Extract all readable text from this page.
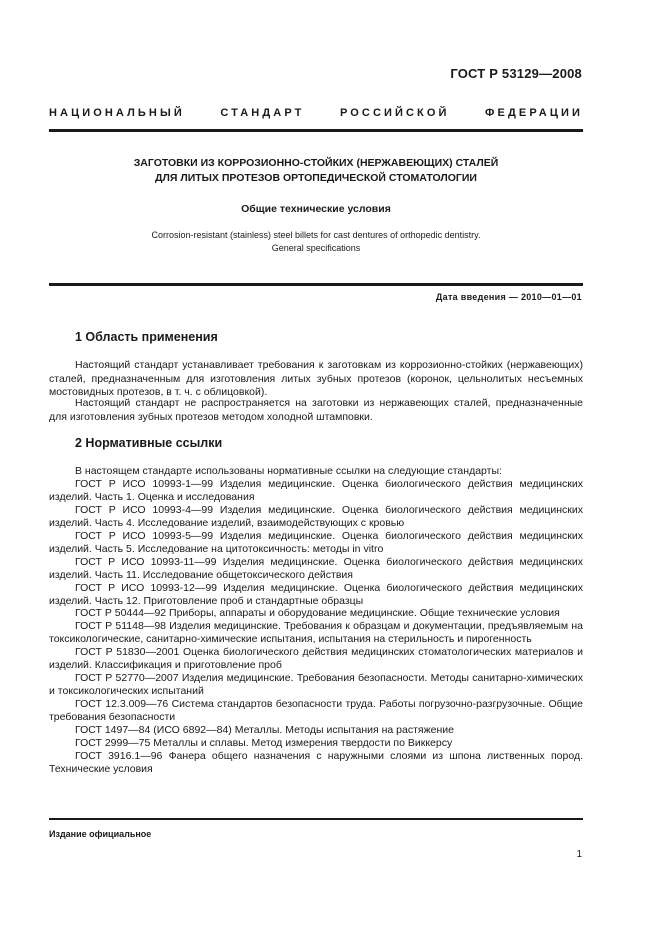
ГОСТ Р 53129—2008
НАЦИОНАЛЬНЫЙ СТАНДАРТ РОССИЙСКОЙ ФЕДЕРАЦИИ
ЗАГОТОВКИ ИЗ КОРРОЗИОННО-СТОЙКИХ (НЕРЖАВЕЮЩИХ) СТАЛЕЙ
ДЛЯ ЛИТЫХ ПРОТЕЗОВ ОРТОПЕДИЧЕСКОЙ СТОМАТОЛОГИИ
Общие технические условия
Corrosion-resistant (stainless) steel billets for cast dentures of orthopedic dentistry.
General specifications
Дата введения — 2010—01—01
1 Область применения
Настоящий стандарт устанавливает требования к заготовкам из коррозионно-стойких (нержавеющих) сталей, предназначенным для изготовления литых зубных протезов (коронок, цельнолитых несъемных мостовидных протезов, в т. ч. с облицовкой).
Настоящий стандарт не распространяется на заготовки из нержавеющих сталей, предназначенные для изготовления зубных протезов методом холодной штамповки.
2 Нормативные ссылки

В настоящем стандарте использованы нормативные ссылки на следующие стандарты:

ГОСТ Р ИСО 10993-1—99 Изделия медицинские. Оценка биологического действия медицинских изделий. Часть 1. Оценка и исследования

ГОСТ Р ИСО 10993-4—99 Изделия медицинские. Оценка биологического действия медицинских изделий. Часть 4. Исследование изделий, взаимодействующих с кровью

ГОСТ Р ИСО 10993-5—99 Изделия медицинские. Оценка биологического действия медицинских изделий. Часть 5. Исследование на цитотоксичность: методы in vitro

ГОСТ Р ИСО 10993-11—99 Изделия медицинские. Оценка биологического действия медицинских изделий. Часть 11. Исследование общетоксического действия

ГОСТ Р ИСО 10993-12—99 Изделия медицинские. Оценка биологического действия медицинских изделий. Часть 12. Приготовление проб и стандартные образцы

ГОСТ Р 50444—92 Приборы, аппараты и оборудование медицинские. Общие технические условия

ГОСТ Р 51148—98 Изделия медицинские. Требования к образцам и документации, предъявляемым на токсикологические, санитарно-химические испытания, испытания на стерильность и пирогенность

ГОСТ Р 51830—2001 Оценка биологического действия медицинских стоматологических материалов и изделий. Классификация и приготовление проб

ГОСТ Р 52770—2007 Изделия медицинские. Требования безопасности. Методы санитарно-химических и токсикологических испытаний

ГОСТ 12.3.009—76 Система стандартов безопасности труда. Работы погрузочно-разгрузочные. Общие требования безопасности

ГОСТ 1497—84 (ИСО 6892—84) Металлы. Методы испытания на растяжение

ГОСТ 2999—75 Металлы и сплавы. Метод измерения твердости по Виккерсу

ГОСТ 3916.1—96 Фанера общего назначения с наружными слоями из шпона лиственных пород. Технические условия

Издание официальное
1
